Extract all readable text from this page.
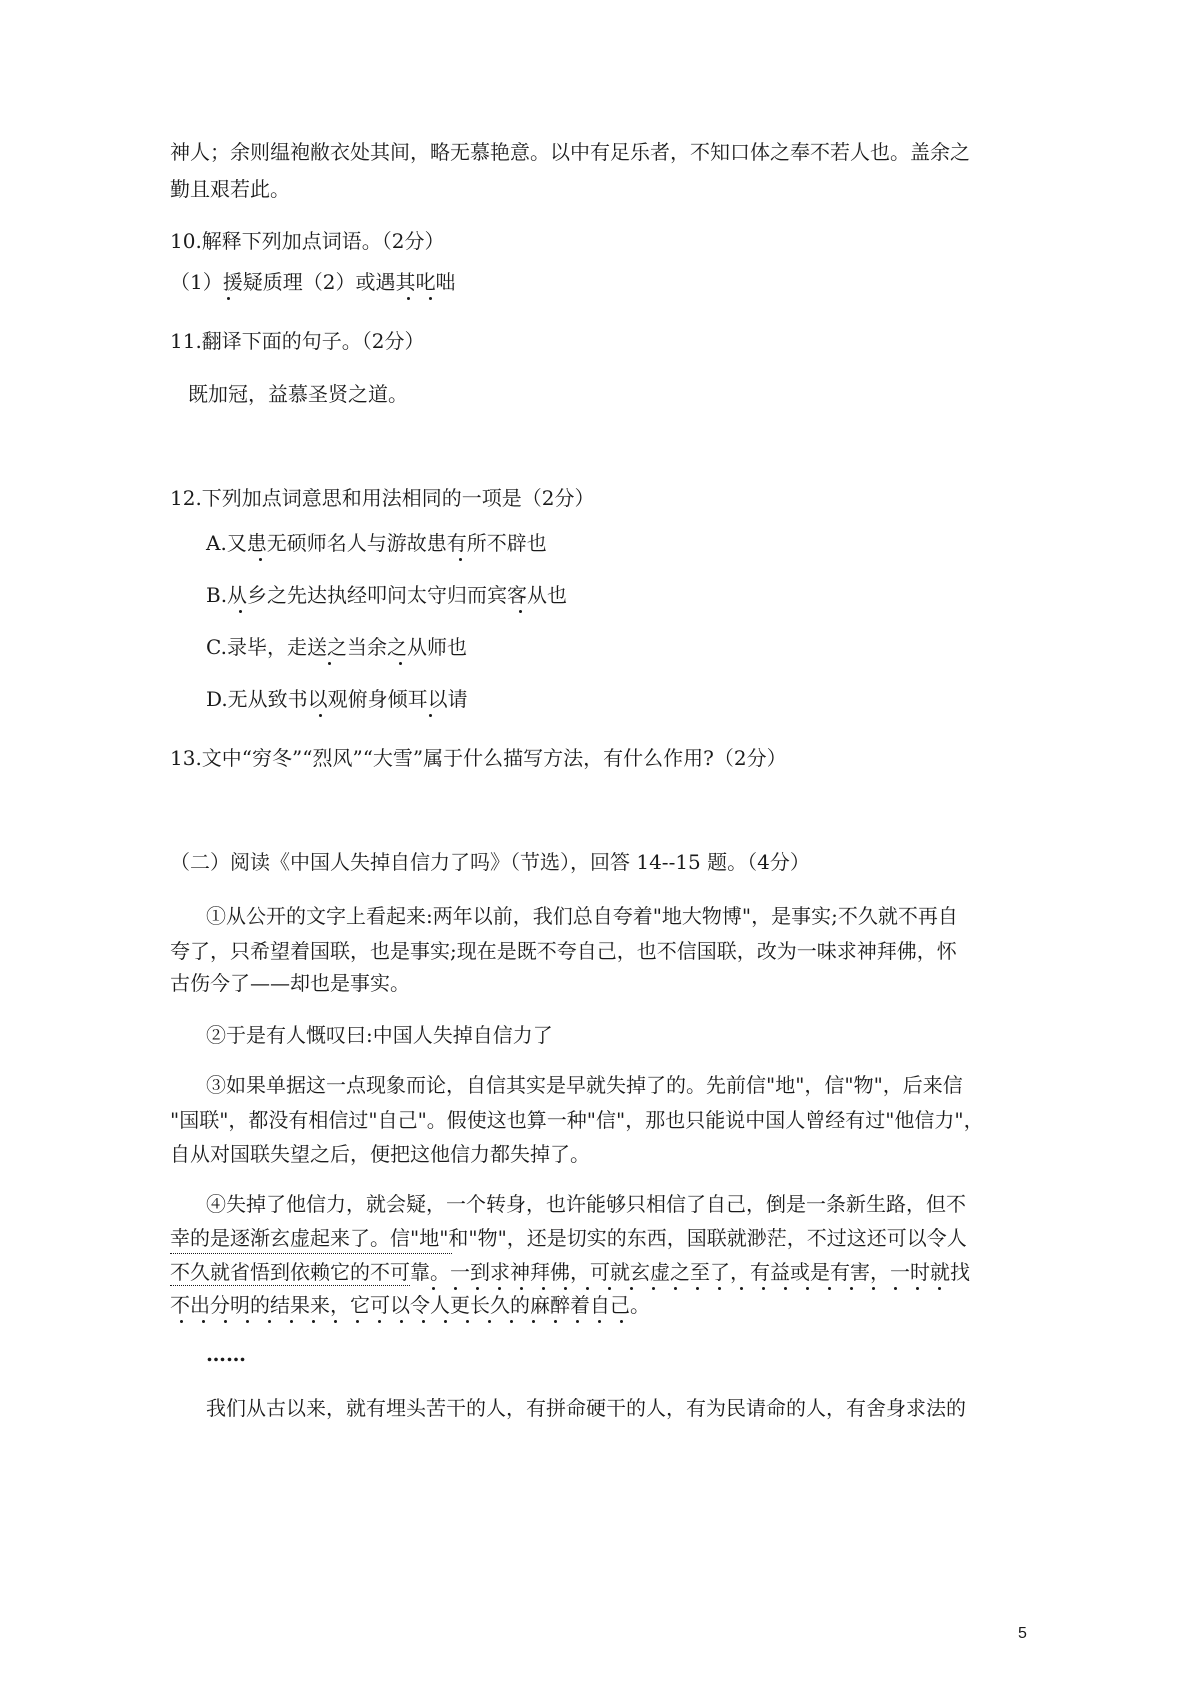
神人；余则缊袍敝衣处其间，略无慕艳意。以中有足乐者，不知口体之奉不若人也。盖余之
勤且艰若此。
10.解释下列加点词语。（2分）
（1）援疑质理（2）或遇其叱咄
11.翻译下面的句子。（2分）
既加冠，益慕圣贤之道。
12.下列加点词意思和用法相同的一项是（2分）
A.又患无硕师名人与游故患有所不辟也
B.从乡之先达执经叩问太守归而宾客从也
C.录毕，走送之当余之从师也
D.无从致书以观俯身倾耳以请
13.文中“穷冬”“烈风”“大雪”属于什么描写方法，有什么作用?（2分）
（二）阅读《中国人失掉自信力了吗》（节选），回答 14--15 题。（4分）
①从公开的文字上看起来:两年以前，我们总自夸着"地大物博"，是事实;不久就不再自
夸了，只希望着国联，也是事实;现在是既不夸自己，也不信国联，改为一味求神拜佛，怀
古伤今了——却也是事实。
②于是有人慨叹曰:中国人失掉自信力了
③如果单据这一点现象而论，自信其实是早就失掉了的。先前信"地"，信"物"，后来信
"国联"，都没有相信过"自己"。假使这也算一种"信"，那也只能说中国人曾经有过"他信力"，
自从对国联失望之后，便把这他信力都失掉了。
④失掉了他信力，就会疑，一个转身，也许能够只相信了自己，倒是一条新生路，但不
幸的是逐渐玄虚起来了。信"地"和"物"，还是切实的东西，国联就渺茫，不过这还可以令人
不久就省悟到依赖它的不可靠。一到求神拜佛，可就玄虚之至了，有益或是有害，一时就找
不出分明的结果来，它可以令人更长久的麻醉着自己。
……
我们从古以来，就有埋头苦干的人，有拼命硬干的人，有为民请命的人，有舍身求法的
5
